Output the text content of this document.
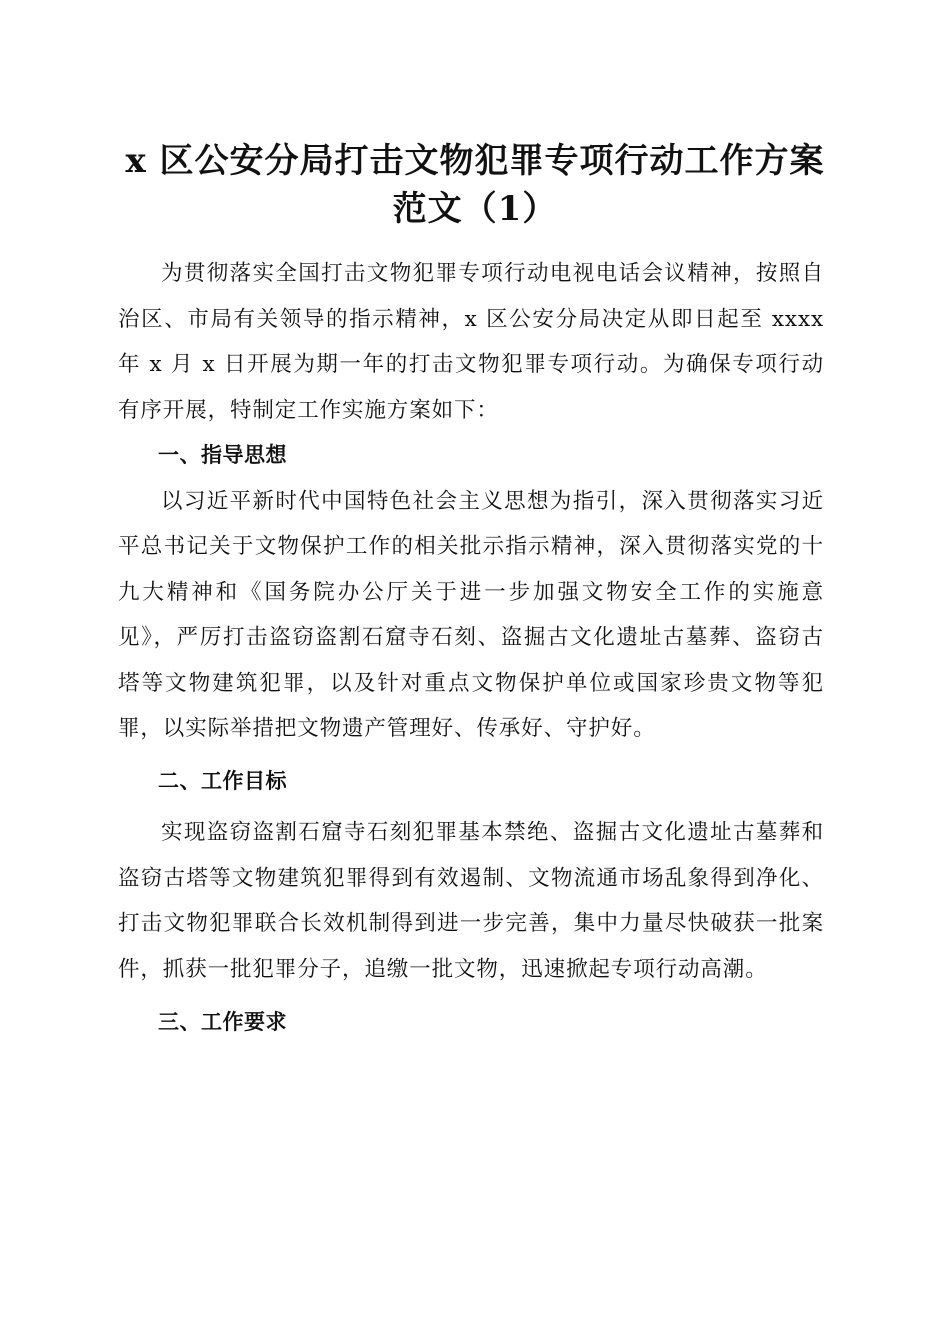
x 区公安分局打击文物犯罪专项行动工作方案
范文（1）

为贯彻落实全国打击文物犯罪专项行动电视电话会议精神，按照自治区、市局有关领导的指示精神，x 区公安分局决定从即日起至 xxxx 年 x 月 x 日开展为期一年的打击文物犯罪专项行动。为确保专项行动有序开展，特制定工作实施方案如下：

一、指导思想

以习近平新时代中国特色社会主义思想为指引，深入贯彻落实习近平总书记关于文物保护工作的相关批示指示精神，深入贯彻落实党的十九大精神和《国务院办公厅关于进一步加强文物安全工作的实施意见》，严厉打击盗窃盗割石窟寺石刻、盗掘古文化遗址古墓葬、盗窃古塔等文物建筑犯罪，以及针对重点文物保护单位或国家珍贵文物等犯罪，以实际举措把文物遗产管理好、传承好、守护好。

二、工作目标

实现盗窃盗割石窟寺石刻犯罪基本禁绝、盗掘古文化遗址古墓葬和盗窃古塔等文物建筑犯罪得到有效遏制、文物流通市场乱象得到净化、打击文物犯罪联合长效机制得到进一步完善，集中力量尽快破获一批案件，抓获一批犯罪分子，追缴一批文物，迅速掀起专项行动高潮。

三、工作要求
